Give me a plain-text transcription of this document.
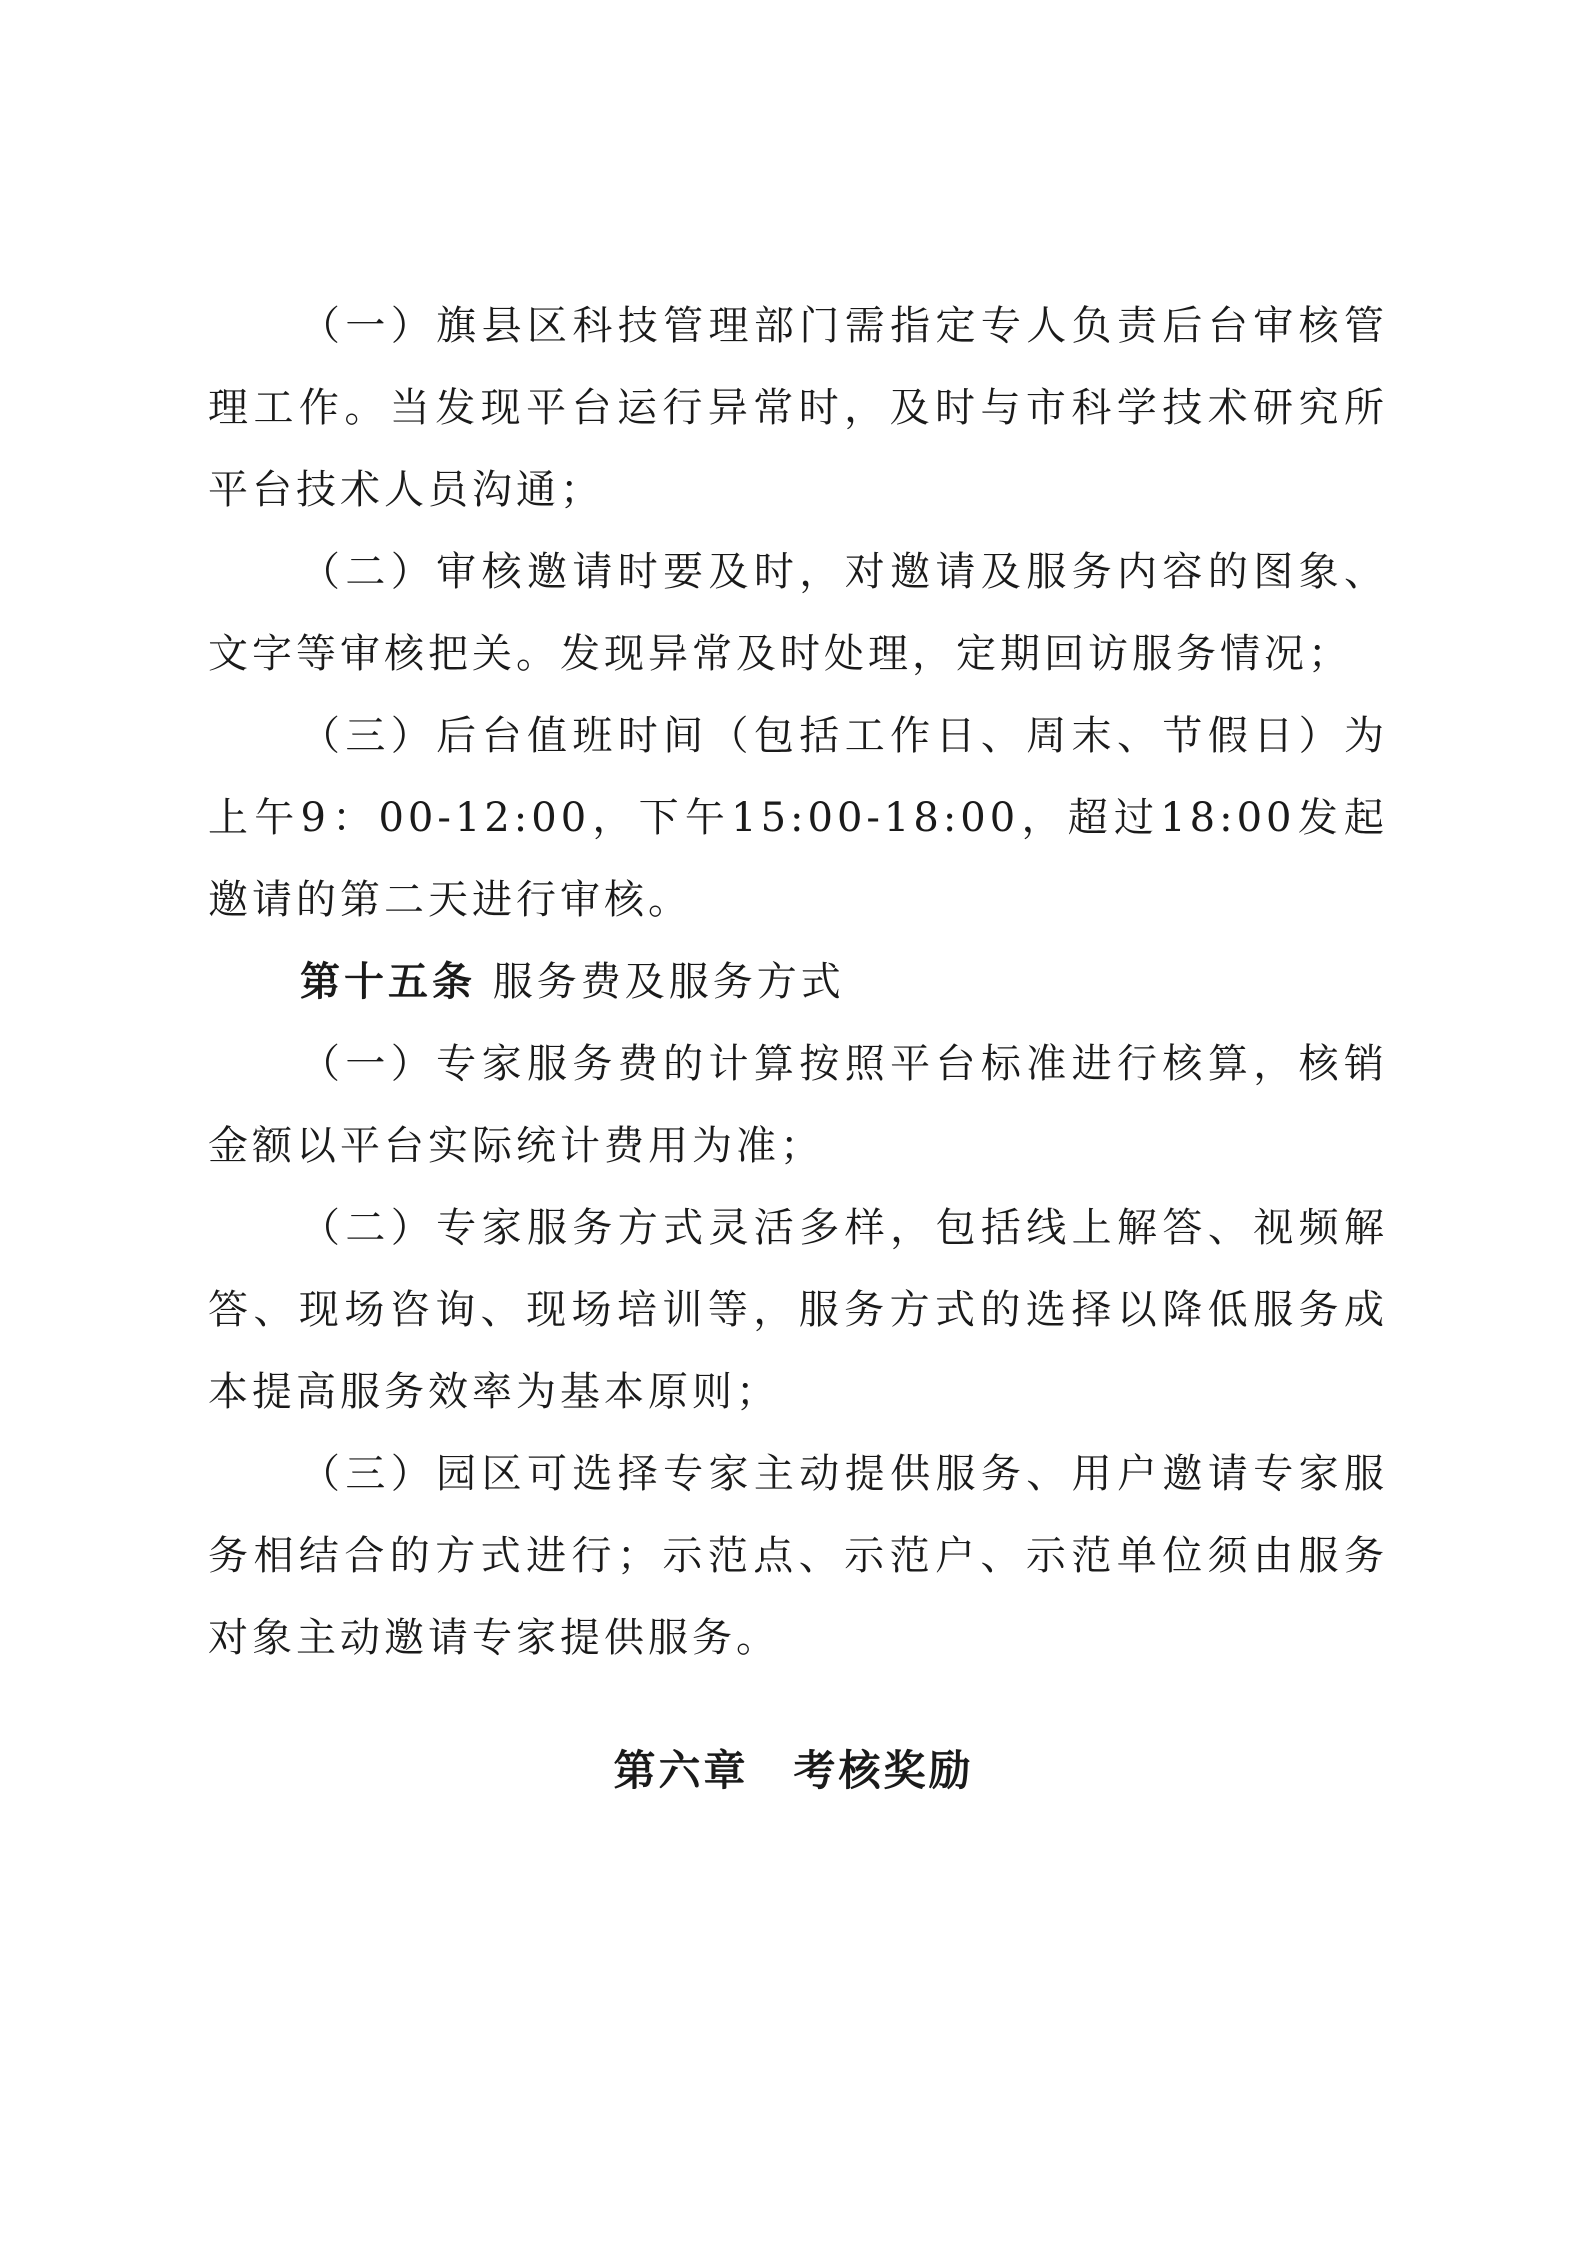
（一）旗县区科技管理部门需指定专人负责后台审核管理工作。当发现平台运行异常时，及时与市科学技术研究所平台技术人员沟通；

（二）审核邀请时要及时，对邀请及服务内容的图象、文字等审核把关。发现异常及时处理，定期回访服务情况；

（三）后台值班时间（包括工作日、周末、节假日）为上午9：00-12:00，下午15:00-18:00，超过18:00发起邀请的第二天进行审核。

第十五条 服务费及服务方式

（一）专家服务费的计算按照平台标准进行核算，核销金额以平台实际统计费用为准；

（二）专家服务方式灵活多样，包括线上解答、视频解答、现场咨询、现场培训等，服务方式的选择以降低服务成本提高服务效率为基本原则；

（三）园区可选择专家主动提供服务、用户邀请专家服务相结合的方式进行；示范点、示范户、示范单位须由服务对象主动邀请专家提供服务。

第六章　考核奖励
